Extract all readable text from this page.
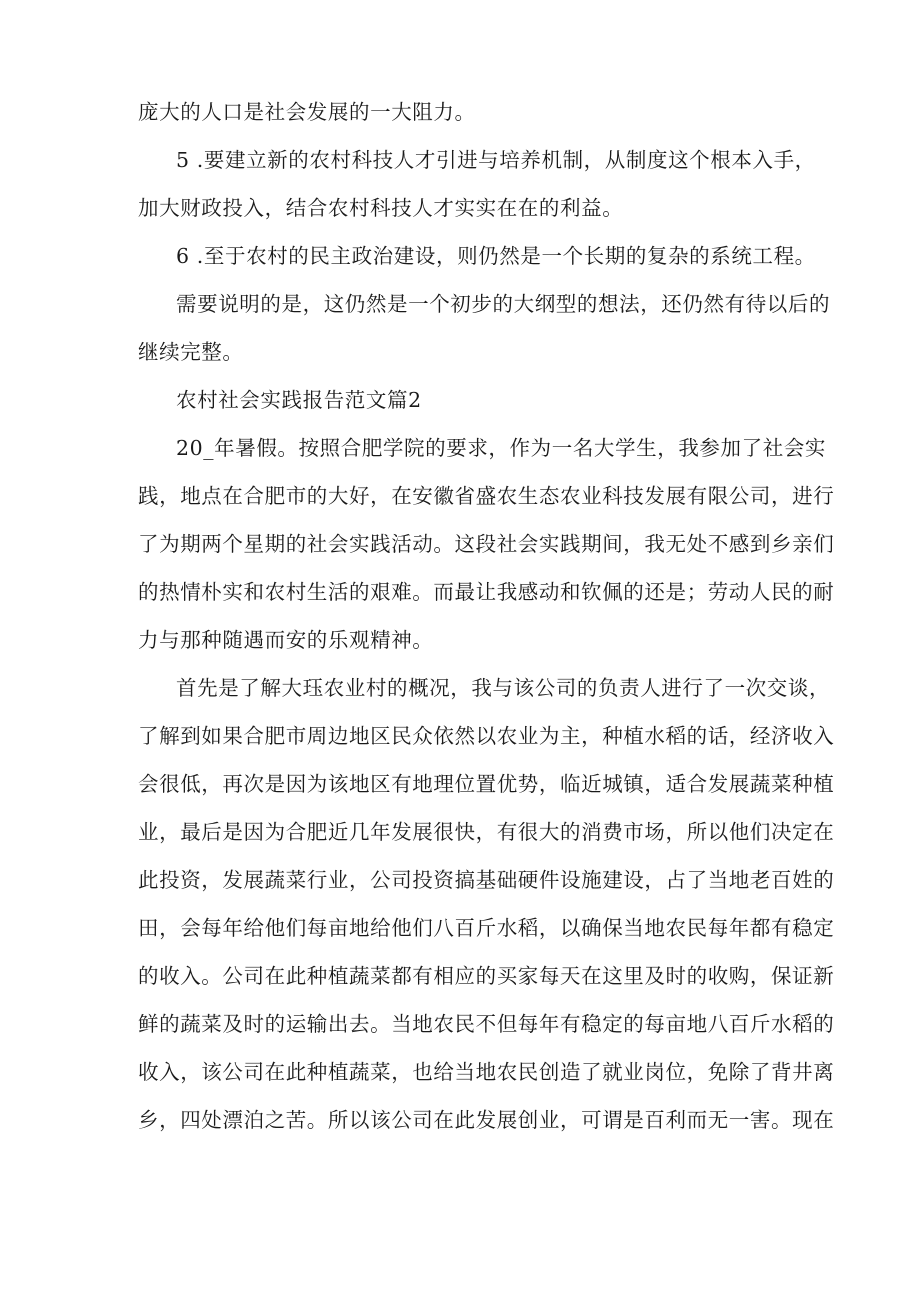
庞大的人口是社会发展的一大阻力。
5 .要建立新的农村科技人才引进与培养机制，从制度这个根本入手，
加大财政投入，结合农村科技人才实实在在的利益。
6 .至于农村的民主政治建设，则仍然是一个长期的复杂的系统工程。
需要说明的是，这仍然是一个初步的大纲型的想法，还仍然有待以后的
继续完整。
农村社会实践报告范文篇2
20_年暑假。按照合肥学院的要求，作为一名大学生，我参加了社会实
践，地点在合肥市的大好，在安徽省盛农生态农业科技发展有限公司，进行
了为期两个星期的社会实践活动。这段社会实践期间，我无处不感到乡亲们
的热情朴实和农村生活的艰难。而最让我感动和钦佩的还是；劳动人民的耐
力与那种随遇而安的乐观精神。
首先是了解大珏农业村的概况，我与该公司的负责人进行了一次交谈，
了解到如果合肥市周边地区民众依然以农业为主，种植水稻的话，经济收入
会很低，再次是因为该地区有地理位置优势，临近城镇，适合发展蔬菜种植
业，最后是因为合肥近几年发展很快，有很大的消费市场，所以他们决定在
此投资，发展蔬菜行业，公司投资搞基础硬件设施建设，占了当地老百姓的
田，会每年给他们每亩地给他们八百斤水稻，以确保当地农民每年都有稳定
的收入。公司在此种植蔬菜都有相应的买家每天在这里及时的收购，保证新
鲜的蔬菜及时的运输出去。当地农民不但每年有稳定的每亩地八百斤水稻的
收入，该公司在此种植蔬菜，也给当地农民创造了就业岗位，免除了背井离
乡，四处漂泊之苦。所以该公司在此发展创业，可谓是百利而无一害。现在
